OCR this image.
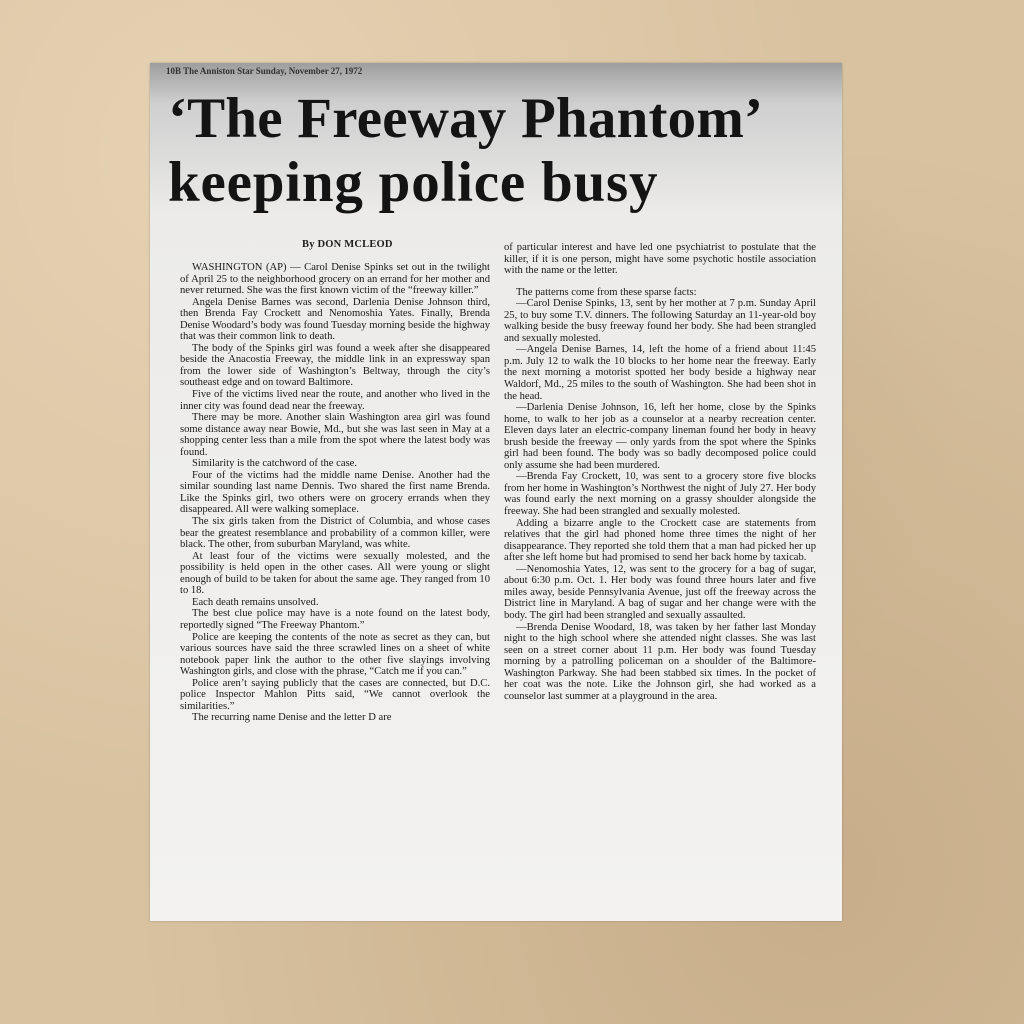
10B The Anniston Star Sunday, November 27, 1972
‘The Freeway Phantom’
keeping police busy
By DON MCLEOD

WASHINGTON (AP) — Carol Denise Spinks set out in the twilight of April 25 to the neighborhood grocery on an errand for her mother and never returned. She was the first known victim of the “freeway killer.”

Angela Denise Barnes was second, Darlenia Denise Johnson third, then Brenda Fay Crockett and Nenomoshia Yates. Finally, Brenda Denise Woodard’s body was found Tuesday morning beside the highway that was their common link to death.

The body of the Spinks girl was found a week after she disappeared beside the Anacostia Freeway, the middle link in an expressway span from the lower side of Washington’s Beltway, through the city’s southeast edge and on toward Baltimore.

Five of the victims lived near the route, and another who lived in the inner city was found dead near the freeway.

There may be more. Another slain Washington area girl was found some distance away near Bowie, Md., but she was last seen in May at a shopping center less than a mile from the spot where the latest body was found.

Similarity is the catchword of the case.

Four of the victims had the middle name Denise. Another had the similar sounding last name Dennis. Two shared the first name Brenda. Like the Spinks girl, two others were on grocery errands when they disappeared. All were walking someplace.

The six girls taken from the District of Columbia, and whose cases bear the greatest resemblance and probability of a common killer, were black. The other, from suburban Maryland, was white.

At least four of the victims were sexually molested, and the possibility is held open in the other cases. All were young or slight enough of build to be taken for about the same age. They ranged from 10 to 18.

Each death remains unsolved.

The best clue police may have is a note found on the latest body, reportedly signed “The Freeway Phantom.”

Police are keeping the contents of the note as secret as they can, but various sources have said the three scrawled lines on a sheet of white notebook paper link the author to the other five slayings involving Washington girls, and close with the phrase, “Catch me if you can.”

Police aren’t saying publicly that the cases are connected, but D.C. police Inspector Mahlon Pitts said, “We cannot overlook the similarities.”

The recurring name Denise and the letter D are

of particular interest and have led one psychiatrist to postulate that the killer, if it is one person, might have some psychotic hostile association with the name or the letter.

The patterns come from these sparse facts:

—Carol Denise Spinks, 13, sent by her mother at 7 p.m. Sunday April 25, to buy some T.V. dinners. The following Saturday an 11-year-old boy walking beside the busy freeway found her body. She had been strangled and sexually molested.

—Angela Denise Barnes, 14, left the home of a friend about 11:45 p.m. July 12 to walk the 10 blocks to her home near the freeway. Early the next morning a motorist spotted her body beside a highway near Waldorf, Md., 25 miles to the south of Washington. She had been shot in the head.

—Darlenia Denise Johnson, 16, left her home, close by the Spinks home, to walk to her job as a counselor at a nearby recreation center. Eleven days later an electric-company lineman found her body in heavy brush beside the freeway — only yards from the spot where the Spinks girl had been found. The body was so badly decomposed police could only assume she had been murdered.

—Brenda Fay Crockett, 10, was sent to a grocery store five blocks from her home in Washington’s Northwest the night of July 27. Her body was found early the next morning on a grassy shoulder alongside the freeway. She had been strangled and sexually molested.

Adding a bizarre angle to the Crockett case are statements from relatives that the girl had phoned home three times the night of her disappearance. They reported she told them that a man had picked her up after she left home but had promised to send her back home by taxicab.

—Nenomoshia Yates, 12, was sent to the grocery for a bag of sugar, about 6:30 p.m. Oct. 1. Her body was found three hours later and five miles away, beside Pennsylvania Avenue, just off the freeway across the District line in Maryland. A bag of sugar and her change were with the body. The girl had been strangled and sexually assaulted.

—Brenda Denise Woodard, 18, was taken by her father last Monday night to the high school where she attended night classes. She was last seen on a street corner about 11 p.m. Her body was found Tuesday morning by a patrolling policeman on a shoulder of the Baltimore-Washington Parkway. She had been stabbed six times. In the pocket of her coat was the note. Like the Johnson girl, she had worked as a counselor last summer at a playground in the area.
